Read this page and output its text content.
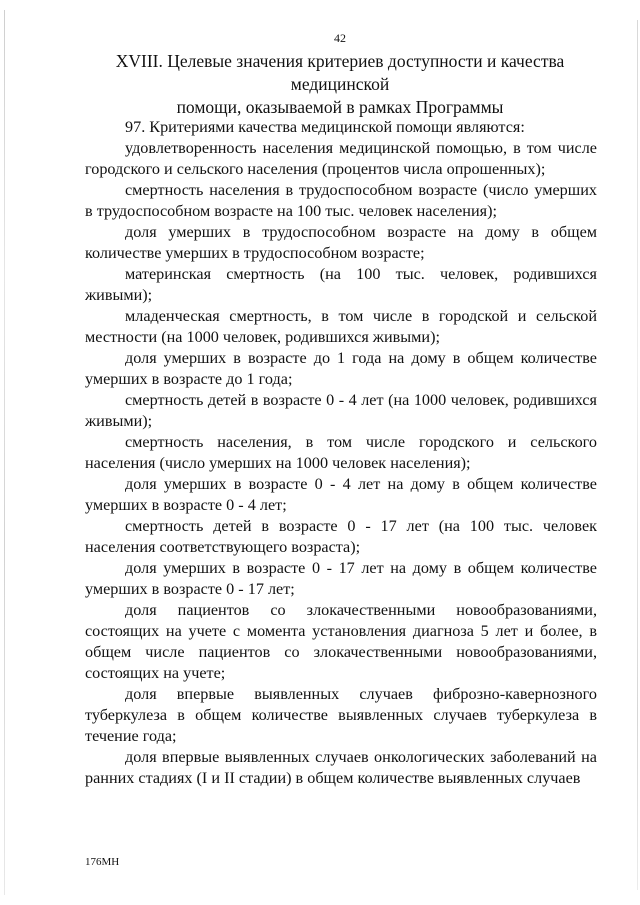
42
XVIII. Целевые значения критериев доступности и качества медицинской
помощи, оказываемой в рамках Программы

97. Критериями качества медицинской помощи являются:

удовлетворенность населения медицинской помощью, в том числе городского и сельского населения (процентов числа опрошенных);

смертность населения в трудоспособном возрасте (число умерших в трудоспособном возрасте на 100 тыс. человек населения);

доля умерших в трудоспособном возрасте на дому в общем количестве умерших в трудоспособном возрасте;

материнская смертность (на 100 тыс. человек, родившихся живыми);

младенческая смертность, в том числе в городской и сельской местности (на 1000 человек, родившихся живыми);

доля умерших в возрасте до 1 года на дому в общем количестве умерших в возрасте до 1 года;

смертность детей в возрасте 0 - 4 лет (на 1000 человек, родившихся живыми);

смертность населения, в том числе городского и сельского населения (число умерших на 1000 человек населения);

доля умерших в возрасте 0 - 4 лет на дому в общем количестве умерших в возрасте 0 - 4 лет;

смертность детей в возрасте 0 - 17 лет (на 100 тыс. человек населения соответствующего возраста);

доля умерших в возрасте 0 - 17 лет на дому в общем количестве умерших в возрасте 0 - 17 лет;

доля пациентов со злокачественными новообразованиями, состоящих на учете с момента установления диагноза 5 лет и более, в общем числе пациентов со злокачественными новообразованиями, состоящих на учете;

доля впервые выявленных случаев фиброзно-кавернозного туберкулеза в общем количестве выявленных случаев туберкулеза в течение года;

доля впервые выявленных случаев онкологических заболеваний на ранних стадиях (I и II стадии) в общем количестве выявленных случаев

176МН
